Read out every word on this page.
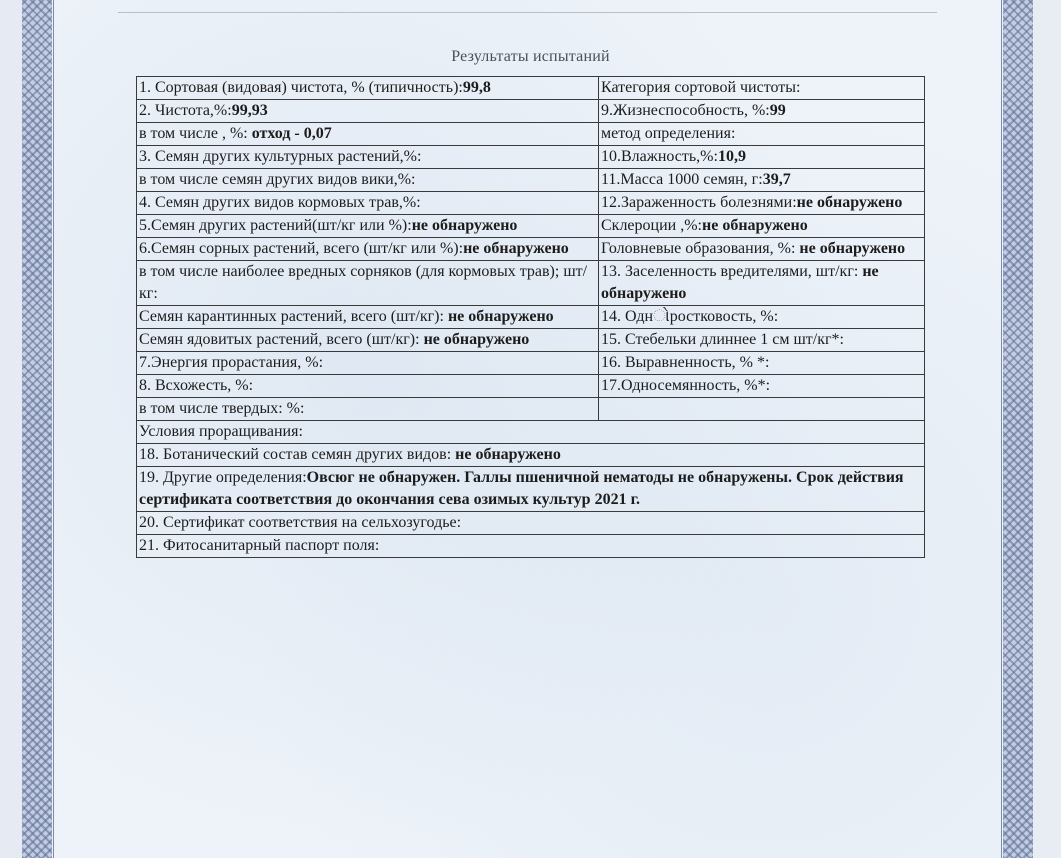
Результаты испытаний
1. Сортовая (видовая) чистота, % (типичность):99,8	Категория сортовой чистоты:
2. Чистота,%:99,93	9.Жизнеспособность, %:99
в том числе , %: отход - 0,07	метод определения:
3. Семян других культурных растений,%:	10.Влажность,%:10,9
в том числе семян других видов вики,%:	11.Масса 1000 семян, г:39,7
4. Семян других видов кормовых трав,%:	12.Зараженность болезнями:не обнаружено
5.Семян других растений(шт/кг или %):не обнаружено	Склероции ,%:не обнаружено
6.Семян сорных растений, всего (шт/кг или %):не обнаружено	Головневые образования, %: не обнаружено
в том числе наиболее вредных сорняков (для кормовых трав); шт/кг:	13. Заселенность вредителями, шт/кг: не обнаружено
Семян карантинных растений, всего (шт/кг): не обнаружено	14. Однોростковость, %:
Семян ядовитых растений, всего (шт/кг): не обнаружено	15. Стебельки длиннее 1 см шт/кг*:
7.Энергия прорастания, %:	16. Выравненность, % *:
8. Всхожесть, %:	17.Односемянность, %*:
в том числе твердых: %:	
Условия проращивания:	
18. Ботанический состав семян других видов: не обнаружено	
19. Другие определения:Овсюг не обнаружен. Галлы пшеничной нематоды не обнаружены. Срок действия сертификата соответствия до окончания сева озимых культур 2021 г.	
20. Сертификат соответствия на сельхозугодье:	
21. Фитосанитарный паспорт поля:	
